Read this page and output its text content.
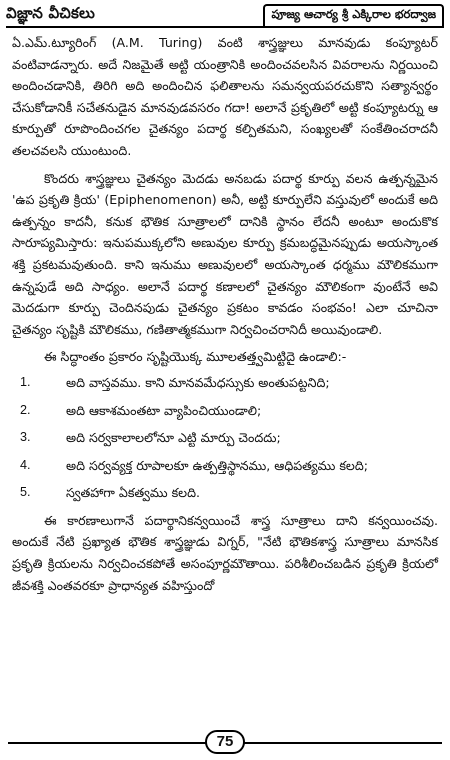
విజ్ఞాన వీచికలు	పూజ్య ఆచార్య శ్రీ ఎక్కిరాల భరద్వాజ

ఏ.ఎమ్.ట్యూరింగ్ (A.M. Turing) వంటి శాస్త్రజ్ఞులు మానవుడు కంప్యూటర్ వంటివాడన్నారు. అదే నిజమైతే అట్టి యంత్రానికి అందించవలసిన వివరాలను నిర్ణయించి అందించడానికి, తిరిగి అది అందించిన ఫలితాలను సమన్వయపరచుకొని సత్యాన్వర్థం చేసుకోడానికీ సచేతనుడైన మానవుడవసరం గదా! అలానే ప్రకృతిలో అట్టి కంప్యూటర్ను ఆ కూర్పుతో రూపొందించగల చైతన్యం పదార్థ కల్పితమని, సంఖ్యలతో సంకేతించరాదనీ తలచవలసి యుంటుంది.

కొందరు శాస్త్రజ్ఞులు చైతన్యం మెదడు అనబడు పదార్థ కూర్పు వలన ఉత్పన్నమైన 'ఉప ప్రకృతి క్రియ' (Epiphenomenon) అనీ, అట్టి కూర్పులేని వస్తువులో అందుకే అది ఉత్పన్నం కాదనీ, కనుక భౌతిక సూత్రాలలో దానికి స్థానం లేదనీ అంటూ అందుకొక సారూప్యమిస్తారు: ఇనుపముక్కలోని అణువుల కూర్పు క్రమబద్ధమైనప్పుడు అయస్కాంత శక్తి ప్రకటమవుతుంది. కాని ఇనుము అణువులలో అయస్కాంత ధర్మము మౌలికముగా ఉన్నపుడే అది సాధ్యం. అలానే పదార్థ కణాలలో చైతన్యం మౌలికంగా వుంటేనే అవి మెదడుగా కూర్పు చెందినపుడు చైతన్యం ప్రకటం కావడం సంభవం! ఎలా చూచినా చైతన్యం సృష్టికి మౌలికము, గణితాత్మకముగా నిర్వచించరానిదీ అయివుండాలి.

ఈ సిద్ధాంతం ప్రకారం సృష్టియొక్క మూలతత్త్వమిట్టిదై ఉండాలి:-

1.	అది వాస్తవము. కాని మానవమేధస్సుకు అంతుపట్టనిది;
2.	అది ఆకాశమంతటా వ్యాపించియుండాలి;
3.	అది సర్వకాలాలలోనూ ఎట్టి మార్పు చెందదు;
4.	అది సర్వవ్యక్త రూపాలకూ ఉత్పత్తిస్థానము, ఆధిపత్యము కలది;
5.	స్వతహాగా ఏకత్వము కలది.

ఈ కారణాలుగానే పదార్థానికన్వయించే శాస్త్ర సూత్రాలు దాని కన్వయించవు. అందుకే నేటి ప్రఖ్యాత భౌతిక శాస్త్రజ్ఞుడు విగ్నర్, "నేటి భౌతికశాస్త్ర సూత్రాలు మానసిక ప్రకృతి క్రియలను నిర్వచించకపోతే అసంపూర్ణమౌతాయి. పరిశీలించబడిన ప్రకృతి క్రియలో జీవశక్తి ఎంతవరకూ ప్రాధాన్యత వహిస్తుందో

75
